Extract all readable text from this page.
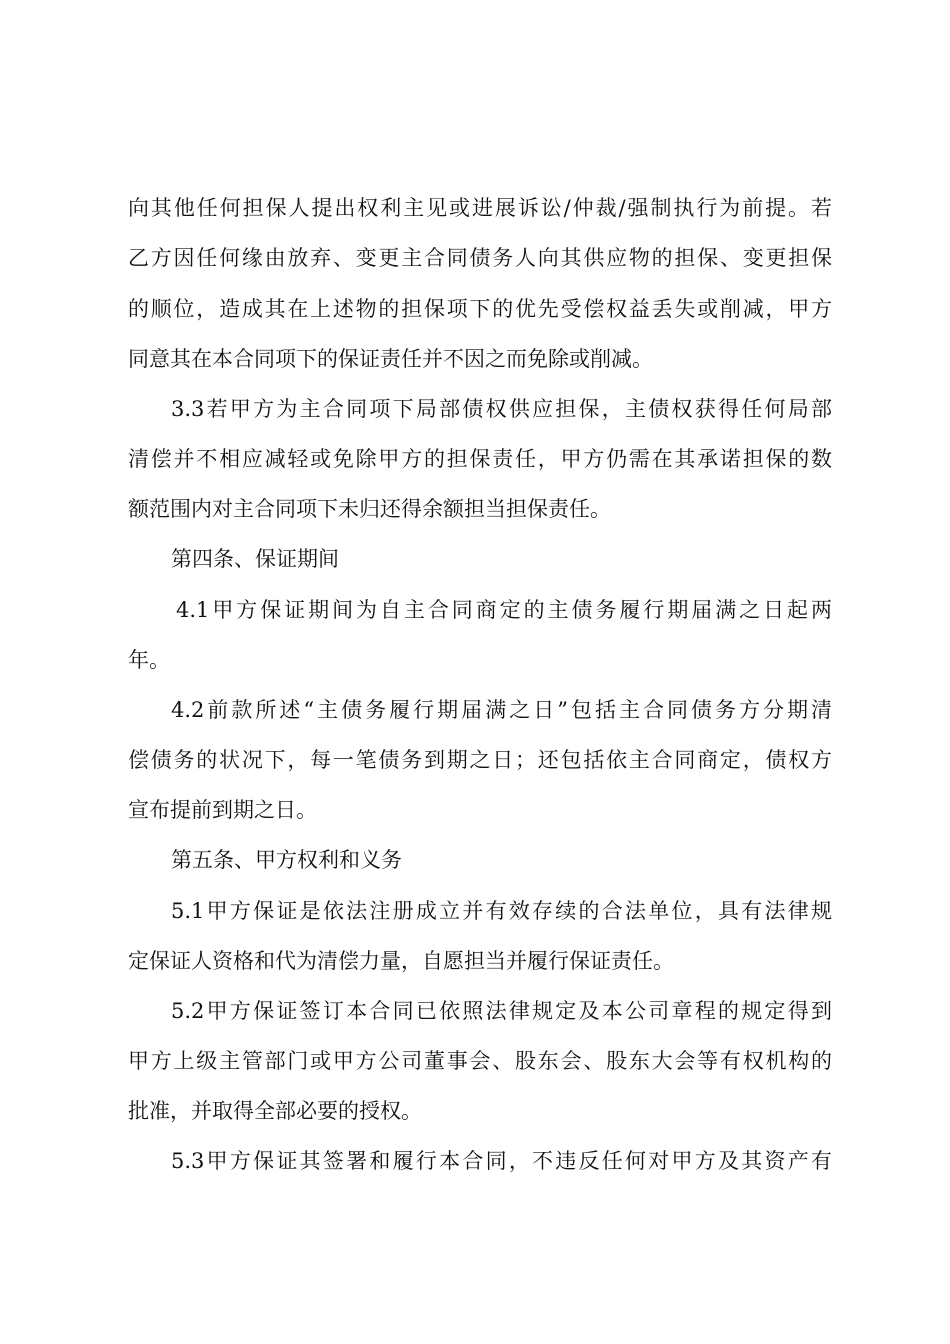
向其他任何担保人提出权利主见或进展诉讼/仲裁/强制执行为前提。若
乙方因任何缘由放弃、变更主合同债务人向其供应物的担保、变更担保
的顺位，造成其在上述物的担保项下的优先受偿权益丢失或削减，甲方
同意其在本合同项下的保证责任并不因之而免除或削减。
3.3若甲方为主合同项下局部债权供应担保，主债权获得任何局部
清偿并不相应减轻或免除甲方的担保责任，甲方仍需在其承诺担保的数
额范围内对主合同项下未归还得余额担当担保责任。
第四条、保证期间
4.1甲方保证期间为自主合同商定的主债务履行期届满之日起两
年。
4.2前款所述“主债务履行期届满之日”包括主合同债务方分期清
偿债务的状况下，每一笔债务到期之日；还包括依主合同商定，债权方
宣布提前到期之日。
第五条、甲方权利和义务
5.1甲方保证是依法注册成立并有效存续的合法单位，具有法律规
定保证人资格和代为清偿力量，自愿担当并履行保证责任。
5.2甲方保证签订本合同已依照法律规定及本公司章程的规定得到
甲方上级主管部门或甲方公司董事会、股东会、股东大会等有权机构的
批准，并取得全部必要的授权。
5.3甲方保证其签署和履行本合同，不违反任何对甲方及其资产有
